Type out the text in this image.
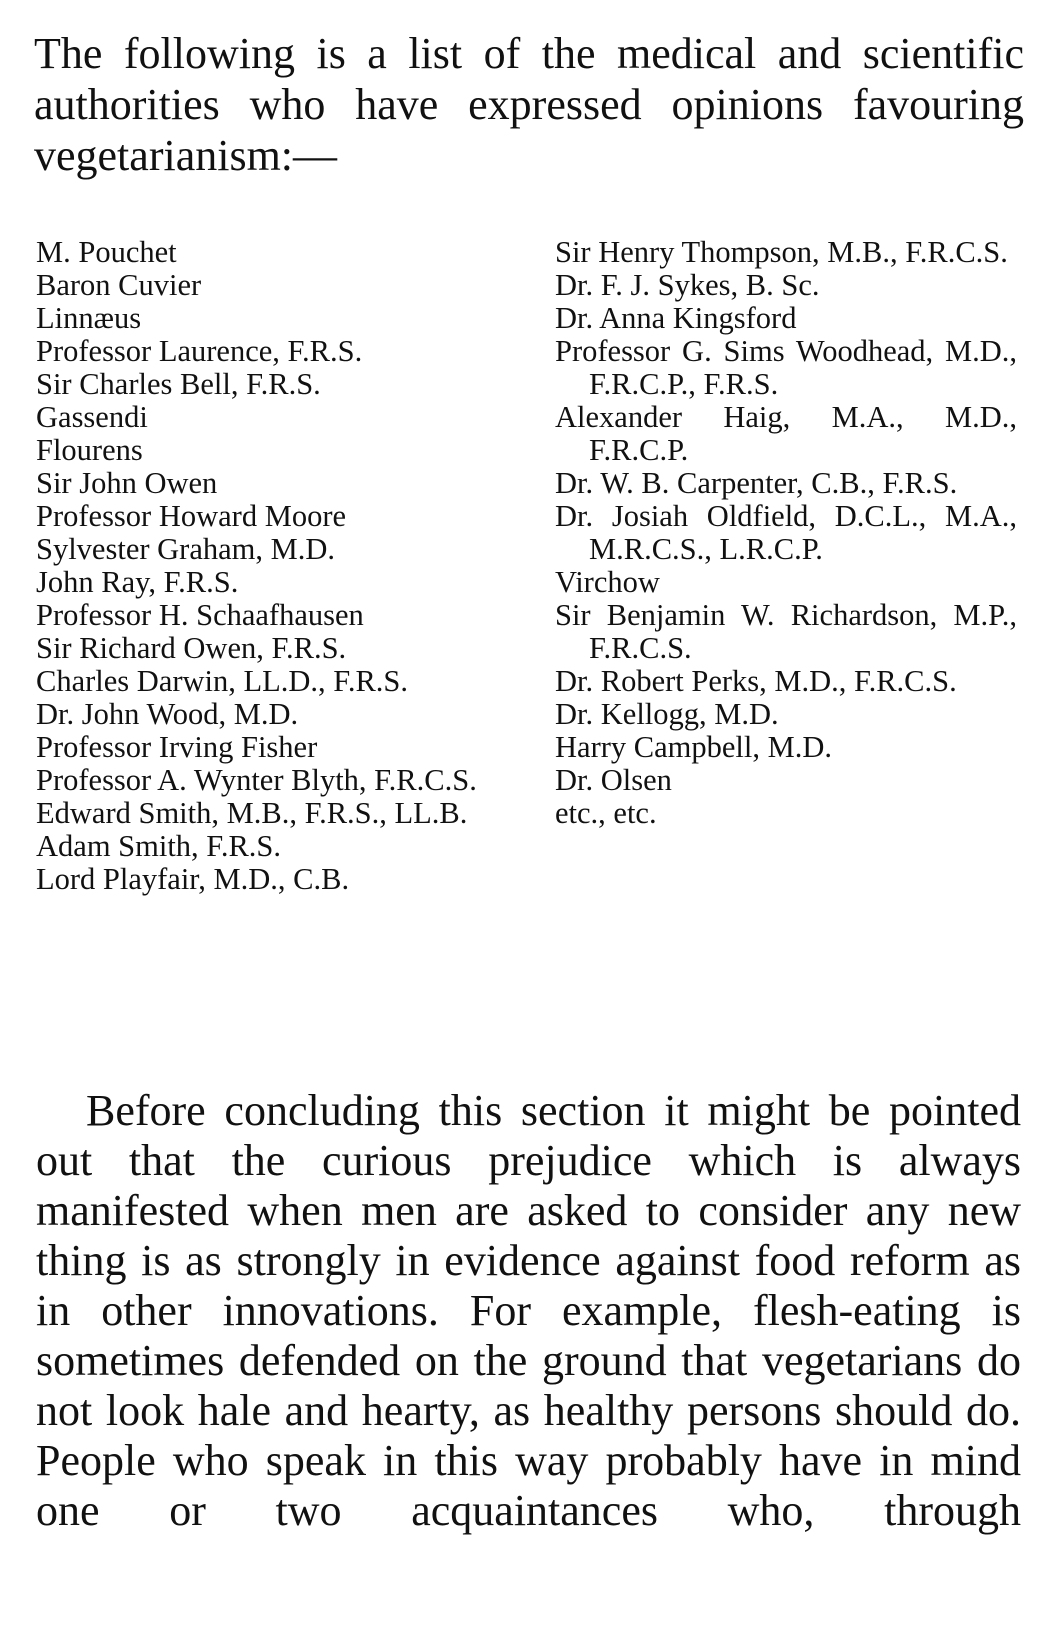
The following is a list of the medical and scientific authorities who have expressed opinions favouring vegetarianism:—

M. Pouchet
Baron Cuvier
Linnæus
Professor Laurence, F.R.S.
Sir Charles Bell, F.R.S.
Gassendi
Flourens
Sir John Owen
Professor Howard Moore
Sylvester Graham, M.D.
John Ray, F.R.S.
Professor H. Schaafhausen
Sir Richard Owen, F.R.S.
Charles Darwin, LL.D., F.R.S.
Dr. John Wood, M.D.
Professor Irving Fisher
Professor A. Wynter Blyth, F.R.C.S.
Edward Smith, M.B., F.R.S., LL.B.
Adam Smith, F.R.S.
Lord Playfair, M.D., C.B.
Sir Henry Thompson, M.B., F.R.C.S.
Dr. F. J. Sykes, B. Sc.
Dr. Anna Kingsford
Professor G. Sims Woodhead, M.D., F.R.C.P., F.R.S.
Alexander Haig, M.A., M.D., F.R.C.P.
Dr. W. B. Carpenter, C.B., F.R.S.
Dr. Josiah Oldfield, D.C.L., M.A., M.R.C.S., L.R.C.P.
Virchow
Sir Benjamin W. Richardson, M.P., F.R.C.S.
Dr. Robert Perks, M.D., F.R.C.S.
Dr. Kellogg, M.D.
Harry Campbell, M.D.
Dr. Olsen
etc., etc.

Before concluding this section it might be pointed out that the curious prejudice which is always manifested when men are asked to consider any new thing is as strongly in evidence against food reform as in other innovations. For example, flesh-eating is sometimes defended on the ground that vegetarians do not look hale and hearty, as healthy persons should do. People who speak in this way probably have in mind one or two acquaintances who, through
